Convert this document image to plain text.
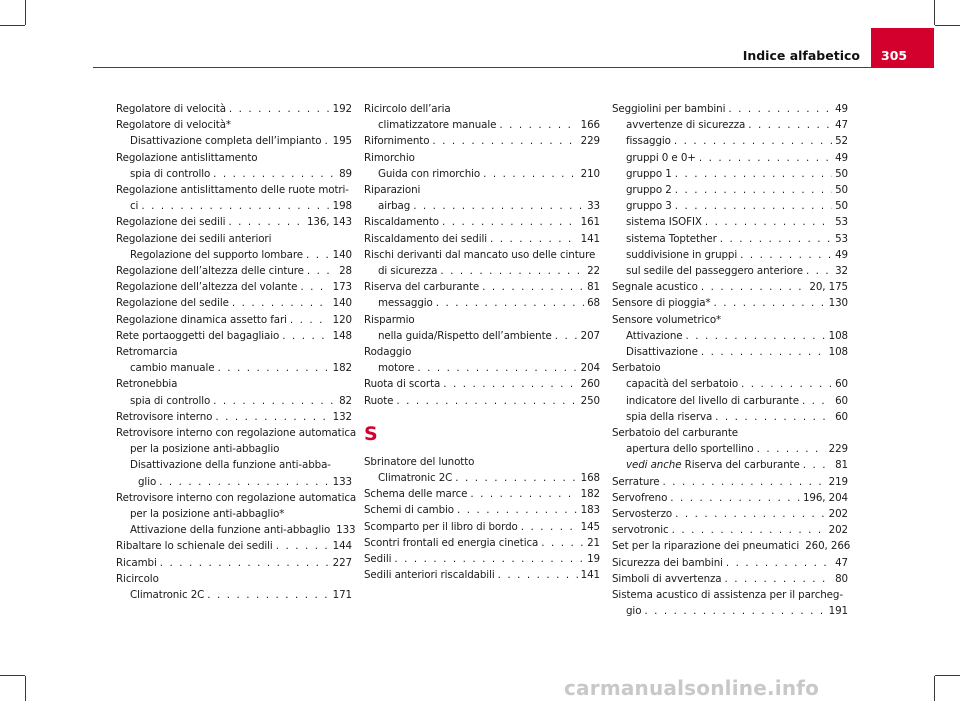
Indice alfabetico 305
Regolatore di velocità . . .	192
Regolatore di velocità*
Disattivazione completa dell’impianto . . . 195
Regolazione antislittamento
spia di controllo . . .	89
Regolazione antislittamento delle ruote motri-
ci . . .	198
Regolazione dei sedili . . .	136, 143
Regolazione dei sedili anteriori
Regolazione del supporto lombare . . .	140
Regolazione dell’altezza delle cinture . . .	28
Regolazione dell’altezza del volante . . .	173
Regolazione del sedile . . .	140
Regolazione dinamica assetto fari . . .	120
Rete portaoggetti del bagagliaio . . .	148
Retromarcia
cambio manuale . . .	182
Retronebbia
spia di controllo . . .	82
Retrovisore interno . . .	132
Retrovisore interno con regolazione automatica
per la posizione anti-abbaglio
Disattivazione della funzione anti-abba-
glio . . .	133
Retrovisore interno con regolazione automatica
per la posizione anti-abbaglio*
Attivazione della funzione anti-abbaglio 133
Ribaltare lo schienale dei sedili . . .	144
Ricambi . . .	227
Ricircolo
Climatronic 2C . . .	171
Ricircolo dell’aria
climatizzatore manuale . . .	166
Rifornimento . . .	229
Rimorchio
Guida con rimorchio . . .	210
Riparazioni
airbag . . .	33
Riscaldamento . . .	161
Riscaldamento dei sedili . . .	141
Rischi derivanti dal mancato uso delle cinture
di sicurezza . . .	22
Riserva del carburante . . .	81
messaggio . . .	68
Risparmio
nella guida/Rispetto dell’ambiente . . .	207
Rodaggio
motore . . .	204
Ruota di scorta . . .	260
Ruote . . .	250
S
Sbrinatore del lunotto
Climatronic 2C . . .	168
Schema delle marce . . .	182
Schemi di cambio . . .	183
Scomparto per il libro di bordo . . .	145
Scontri frontali ed energia cinetica . . .	21
Sedili . . .	19
Sedili anteriori riscaldabili . . .	141
Seggiolini per bambini . . .	49
avvertenze di sicurezza . . .	47
fissaggio . . .	52
gruppi 0 e 0+ . . .	49
gruppo 1 . . .	50
gruppo 2 . . .	50
gruppo 3 . . .	50
sistema ISOFIX . . .	53
sistema Toptether . . .	53
suddivisione in gruppi . . .	49
sul sedile del passeggero anteriore . . .	32
Segnale acustico . . .	20, 175
Sensore di pioggia* . . .	130
Sensore volumetrico*
Attivazione . . .	108
Disattivazione . . .	108
Serbatoio
capacità del serbatoio . . .	60
indicatore del livello di carburante . . .	60
spia della riserva . . .	60
Serbatoio del carburante
apertura dello sportellino . . .	229
vedi anche
Riserva del carburante . . .	81
Serrature . . .	219
Servofreno . . .	196, 204
Servosterzo . . .	202
servotronic . . .	202
Set per la riparazione dei pneumatici 260, 266
Sicurezza dei bambini . . .	47
Simboli di avvertenza . . .	80
Sistema acustico di assistenza per il parcheg-
gio . . .	191
carmanualsonline.info
